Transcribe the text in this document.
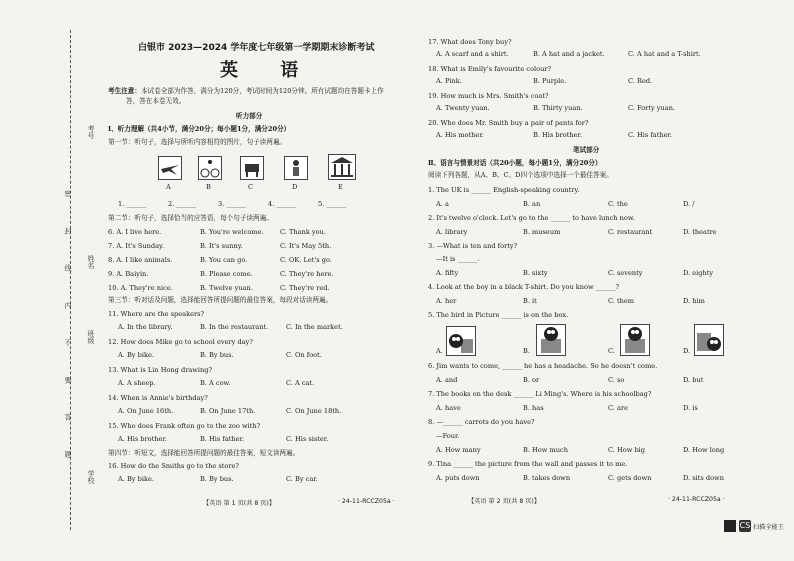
考号
姓名
班级
学校
密 封 线 内 不 要 答 题
白银市 2023—2024 学年度七年级第一学期期末诊断考试
英 语
考生注意：本试卷全部为作答，满分为120分，考试时间为120分钟。所有试题均在答题卡上作
答，答在本卷无效。
听力部分
Ⅰ、听力理解（共4小节，满分20分；每小题1分，满分20分）
第一节：听句子，选择与所听内容相符的图片，句子读两遍。
A	B	C	D	E
1. ______	2. ______	3. ______	4. ______	5. ______
第二节：听句子，选择恰当的应答语，每个句子读两遍。
6. A. I live here.	B. You're welcome. C. Thank you.
7. A. It's Sunday.	B. It's sunny.	C. It's May 5th.
8. A. I like animals.	B. You can go.	C. OK. Let's go.
9. A. Baiyin.	B. Please come.	C. They're here.
10. A. They're nice.	B. Twelve yuan.	C. They're red.
第三节：听对话及问题，选择能回答所提问题的最佳答案，每段对话读两遍。
11. Where are the speakers?
A. In the library.	B. In the restaurant.	C. In the market.
12. How does Mike go to school every day?
A. By bike.	B. By bus.	C. On foot.
13. What is Lin Hong drawing?
A. A sheep.	B. A cow.	C. A cat.
14. When is Annie's birthday?
A. On June 16th.	B. On June 17th.	C. On June 18th.
15. Who does Frank often go to the zoo with?
A. His brother.	B. His father.	C. His sister.
第四节：听短文，选择能回答所提问题的最佳答案，短文读两遍。
16. How do the Smiths go to the store?
A. By bike.	B. By bus.	C. By car.
【英语 第 1 页(共 8 页)】	· 24-11-RCCZ05a ·
17. What does Tony buy?
A. A scarf and a shirt.	B. A hat and a jacket.	C. A hat and a T-shirt.
18. What is Emily's favourite colour?
A. Pink.	B. Purple.	C. Red.
19. How much is Mrs. Smith's coat?
A. Twenty yuan.	B. Thirty yuan.	C. Forty yuan.
20. Who does Mr. Smith buy a pair of pants for?
A. His mother.	B. His brother.	C. His father.
笔试部分
Ⅱ、语言与情景对话（共20小题，每小题1分，满分20分）
阅读下列各题，从A、B、C、D四个选项中选择一个最佳答案。
1. The UK is ______ English-speaking country.
A. a	B. an	C. the	D. /
2. It's twelve o'clock. Let's go to the ______ to have lunch now.
A. library	B. museum	C. restaurant	D. theatre
3. —What is ten and forty?
—It is ______.
A. fifty	B. sixty	C. seventy	D. eighty
4. Look at the boy in a black T-shirt. Do you know ______?
A. her	B. it	C. them	D. him
5. The bird in Picture ______ is on the box.
A.	B.	C.	D.
6. Jim wants to come, ______ he has a headache. So he doesn't come.
A. and	B. or	C. so	D. but
7. The books on the desk ______ Li Ming's. Where is his schoolbag?
A. have	B. has	C. are	D. is
8. —______ carrots do you have?
—Four.
A. How many	B. How much	C. How big	D. How long
9. Tina ______ the picture from the wall and passes it to me.
A. puts down	B. takes down	C. gets down	D. sits down
【英语 第 2 页(共 8 页)】	· 24-11-RCCZ05a ·
CS 扫描全能王
